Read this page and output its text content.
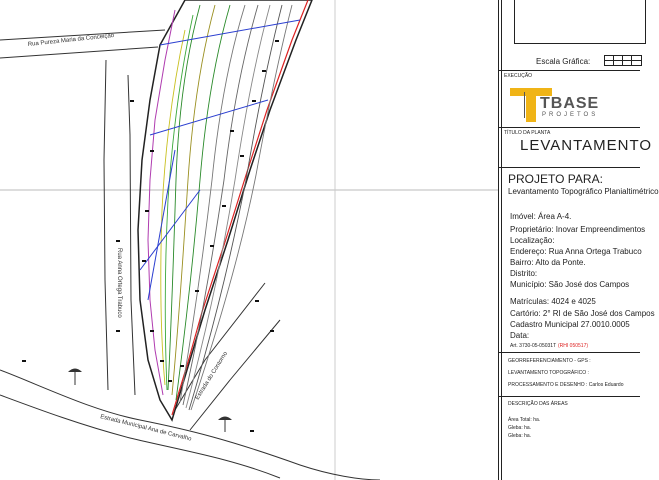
Rua Pureza Maria da Conceição
Rua Anna Ortega Trabuco
Estrada Municipal Ana de Carvalho
Estrada do Contorno
Escala Gráfica:
EXECUÇÃO
TBASE
PROJETOS
TÍTULO DA PLANTA
LEVANTAMENTO
PROJETO PARA:
Levantamento Topográfico Planialtimétrico
Imóvel: Área A-4.
Proprietário: Inovar Empreendimentos
Localização:
Endereço: Rua Anna Ortega Trabuco
Bairro: Alto da Ponte.
Distrito:
Município: São José dos Campos
Matrículas: 4024 e 4025
Cartório: 2° RI de São José dos Campos
Cadastro Municipal 27.0010.0005
Data:
Art. 3730-05-05031T (RHI 050517)
GEORREFERENCIAMENTO - GPS :
LEVANTAMENTO TOPOGRÁFICO :
PROCESSAMENTO E DESENHO : Carlos Eduardo
DESCRIÇÃO DAS ÁREAS
Área Total: ha.
Gleba: ha.
Gleba: ha.
